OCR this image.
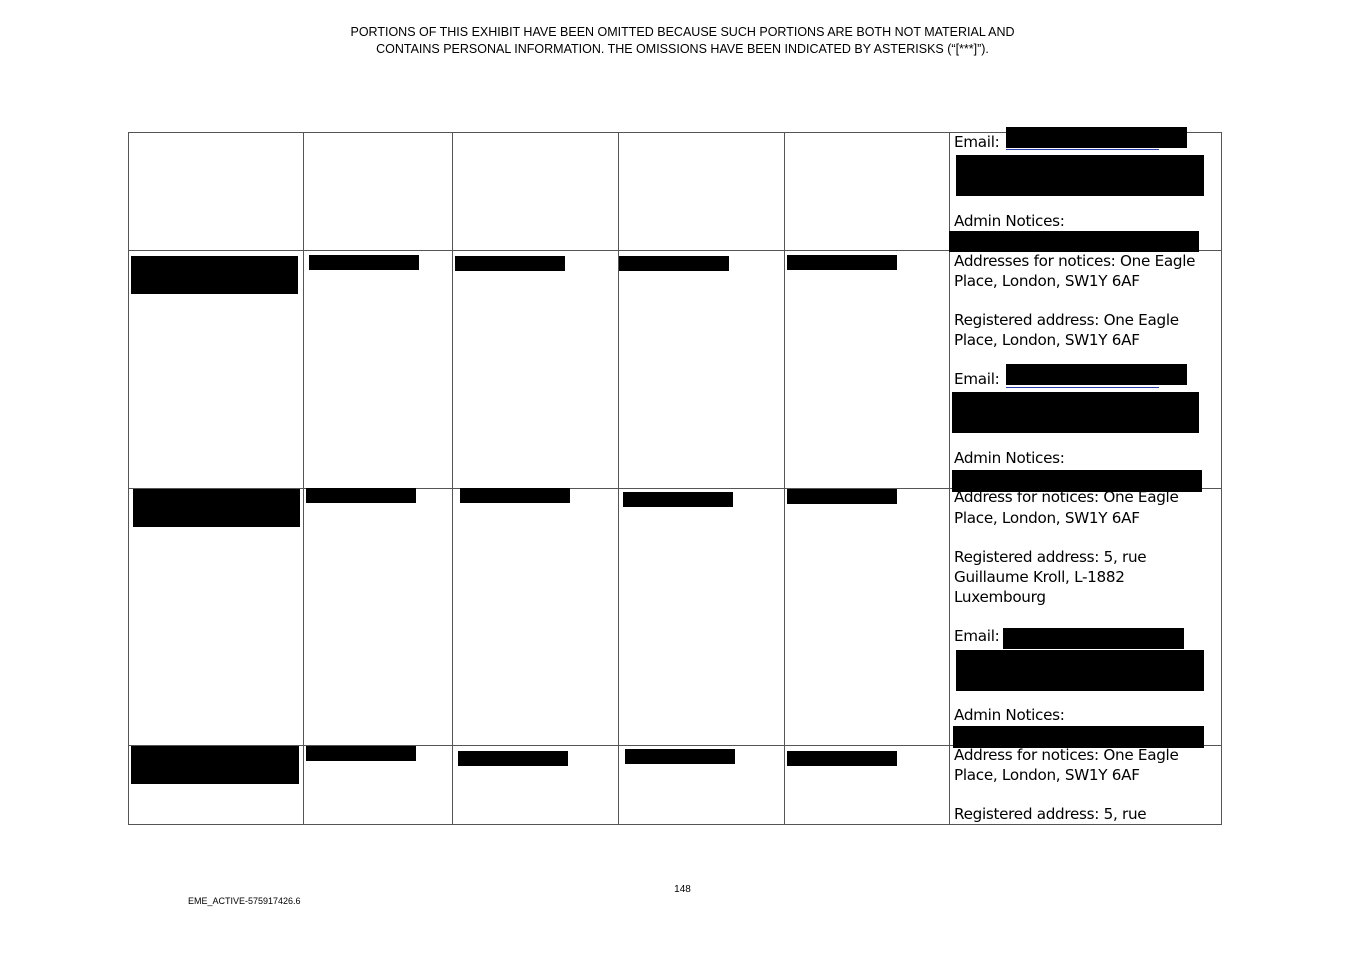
PORTIONS OF THIS EXHIBIT HAVE BEEN OMITTED BECAUSE SUCH PORTIONS ARE BOTH NOT MATERIAL AND
CONTAINS PERSONAL INFORMATION. THE OMISSIONS HAVE BEEN INDICATED BY ASTERISKS (“[***]”).
Email:
Admin Notices:
Addresses for notices: One Eagle
Place, London, SW1Y 6AF
Registered address: One Eagle
Place, London, SW1Y 6AF
Email:
Admin Notices:
Address for notices: One Eagle
Place, London, SW1Y 6AF
Registered address: 5, rue
Guillaume Kroll, L-1882
Luxembourg
Email:
Admin Notices:
Address for notices: One Eagle
Place, London, SW1Y 6AF
Registered address: 5, rue
148
EME_ACTIVE-575917426.6
